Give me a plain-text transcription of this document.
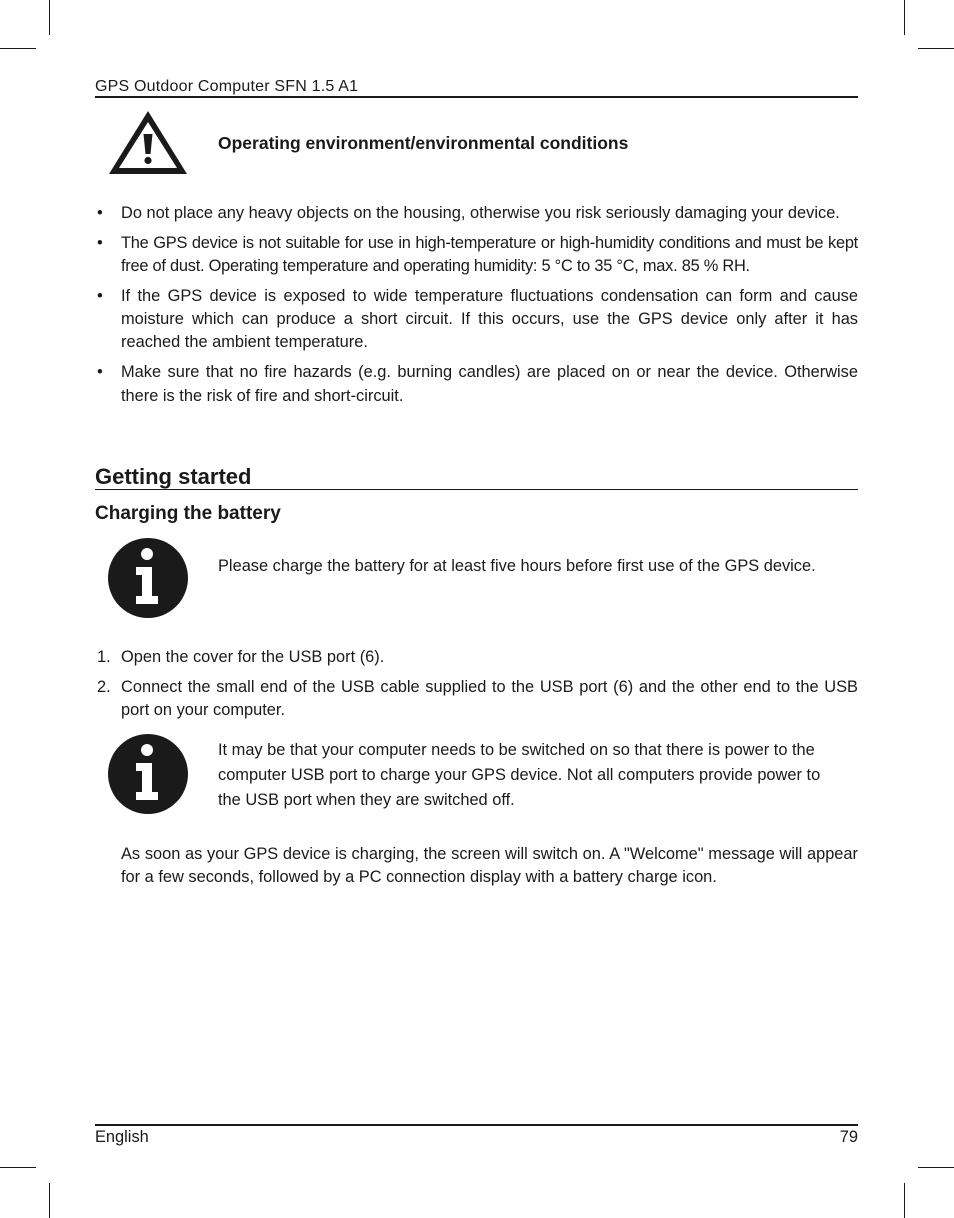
GPS Outdoor Computer SFN 1.5 A1
Operating environment/environmental conditions
• Do not place any heavy objects on the housing, otherwise you risk seriously damaging your device.
• The GPS device is not suitable for use in high-temperature or high-humidity conditions and must be kept free of dust. Operating temperature and operating humidity: 5 °C to 35 °C, max. 85 % RH.
• If the GPS device is exposed to wide temperature fluctuations condensation can form and cause moisture which can produce a short circuit. If this occurs, use the GPS device only after it has reached the ambient temperature.
• Make sure that no fire hazards (e.g. burning candles) are placed on or near the device. Otherwise there is the risk of fire and short-circuit.
Getting started
Charging the battery
Please charge the battery for at least five hours before first use of the GPS device.
1. Open the cover for the USB port (6).
2. Connect the small end of the USB cable supplied to the USB port (6) and the other end to the USB port on your computer.
It may be that your computer needs to be switched on so that there is power to the computer USB port to charge your GPS device. Not all computers provide power to the USB port when they are switched off.
As soon as your GPS device is charging, the screen will switch on. A "Welcome" message will appear for a few seconds, followed by a PC connection display with a battery charge icon.
English	79
